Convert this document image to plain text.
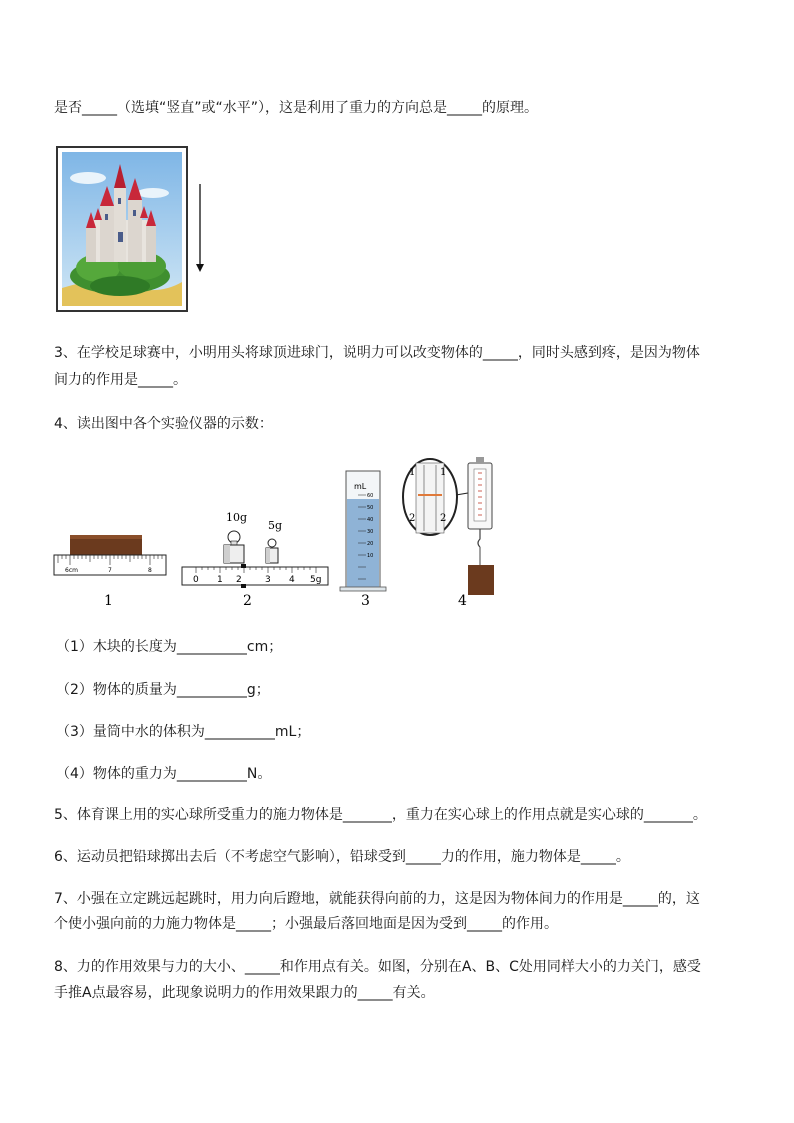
是否_____（选填“竖直”或“水平”），这是利用了重力的方向总是_____的原理。
3、在学校足球赛中，小明用头将球顶进球门，说明力可以改变物体的_____，同时头感到疼，是因为物体
间力的作用是_____。
4、读出图中各个实验仪器的示数：
6cm	7	8
1
10g
5g
0 1 2	3 4 5g
2
mL
60
50
40
30
20
10
3
1 1
2 2
4
（1）木块的长度为__________cm；
（2）物体的质量为__________g；
（3）量筒中水的体积为__________mL；
（4）物体的重力为__________N。
5、体育课上用的实心球所受重力的施力物体是_______，重力在实心球上的作用点就是实心球的_______。
6、运动员把铅球掷出去后（不考虑空气影响），铅球受到_____力的作用，施力物体是_____。
7、小强在立定跳远起跳时，用力向后蹬地，就能获得向前的力，这是因为物体间力的作用是_____的，这
个使小强向前的力施力物体是_____；小强最后落回地面是因为受到_____的作用。
8、力的作用效果与力的大小、_____和作用点有关。如图，分别在A、B、C处用同样大小的力关门，感受
手推A点最容易，此现象说明力的作用效果跟力的_____有关。
